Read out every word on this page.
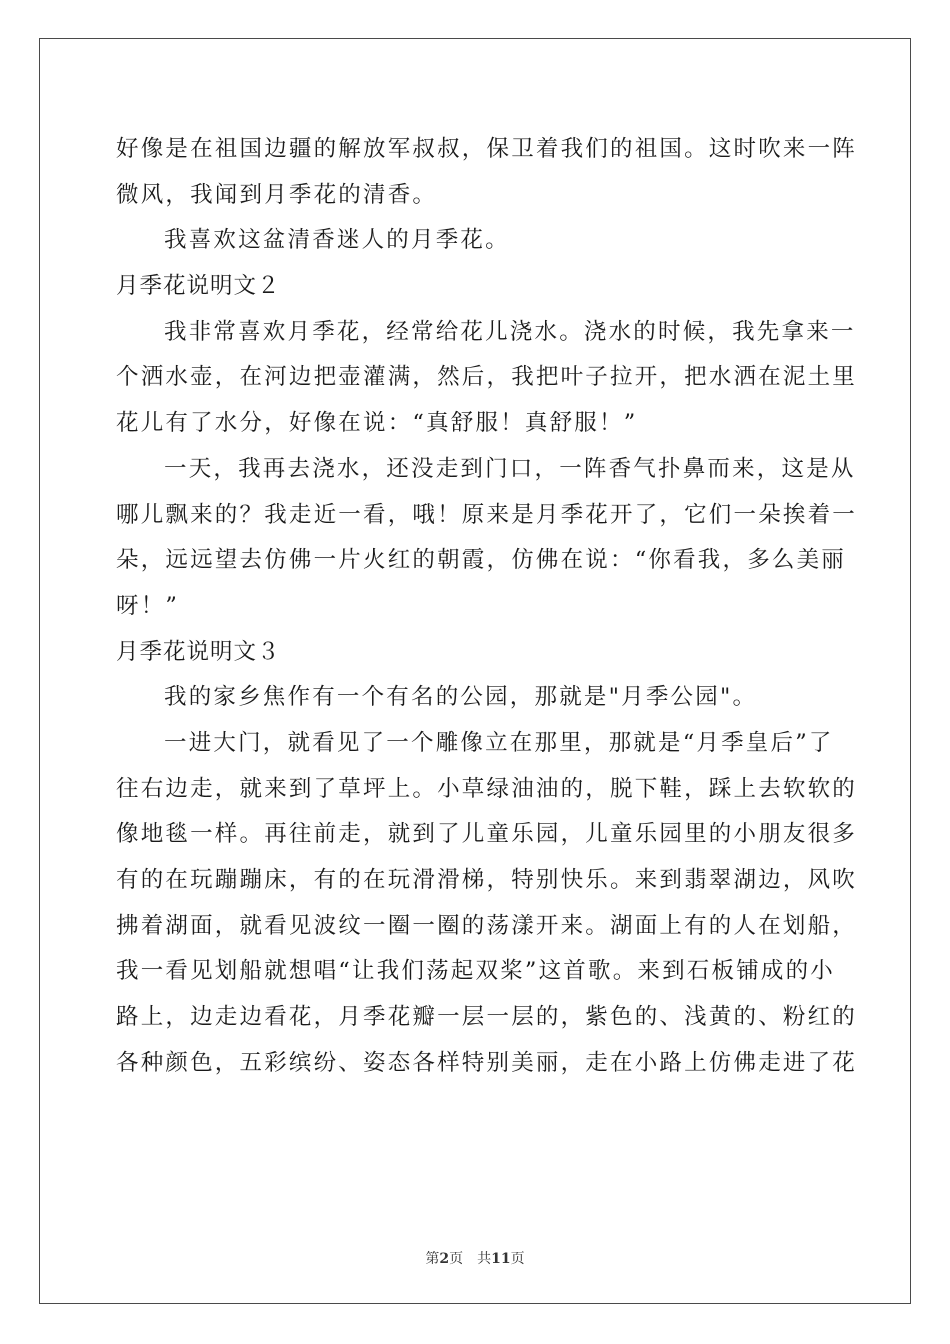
好像是在祖国边疆的解放军叔叔，保卫着我们的祖国。这时吹来一阵
微风，我闻到月季花的清香。
我喜欢这盆清香迷人的月季花。
月季花说明文２
我非常喜欢月季花，经常给花儿浇水。浇水的时候，我先拿来一
个洒水壶，在河边把壶灌满，然后，我把叶子拉开，把水洒在泥土里
花儿有了水分，好像在说：“真舒服！真舒服！”
一天，我再去浇水，还没走到门口，一阵香气扑鼻而来，这是从
哪儿飘来的？我走近一看，哦！原来是月季花开了，它们一朵挨着一
朵，远远望去仿佛一片火红的朝霞，仿佛在说：“你看我，多么美丽
呀！”
月季花说明文３
我的家乡焦作有一个有名的公园，那就是"月季公园"。
一进大门，就看见了一个雕像立在那里，那就是“月季皇后”了
往右边走，就来到了草坪上。小草绿油油的，脱下鞋，踩上去软软的
像地毯一样。再往前走，就到了儿童乐园，儿童乐园里的小朋友很多
有的在玩蹦蹦床，有的在玩滑滑梯，特别快乐。来到翡翠湖边，风吹
拂着湖面，就看见波纹一圈一圈的荡漾开来。湖面上有的人在划船，
我一看见划船就想唱“让我们荡起双桨”这首歌。来到石板铺成的小
路上，边走边看花，月季花瓣一层一层的，紫色的、浅黄的、粉红的
各种颜色，五彩缤纷、姿态各样特别美丽，走在小路上仿佛走进了花
第2页 共11页
